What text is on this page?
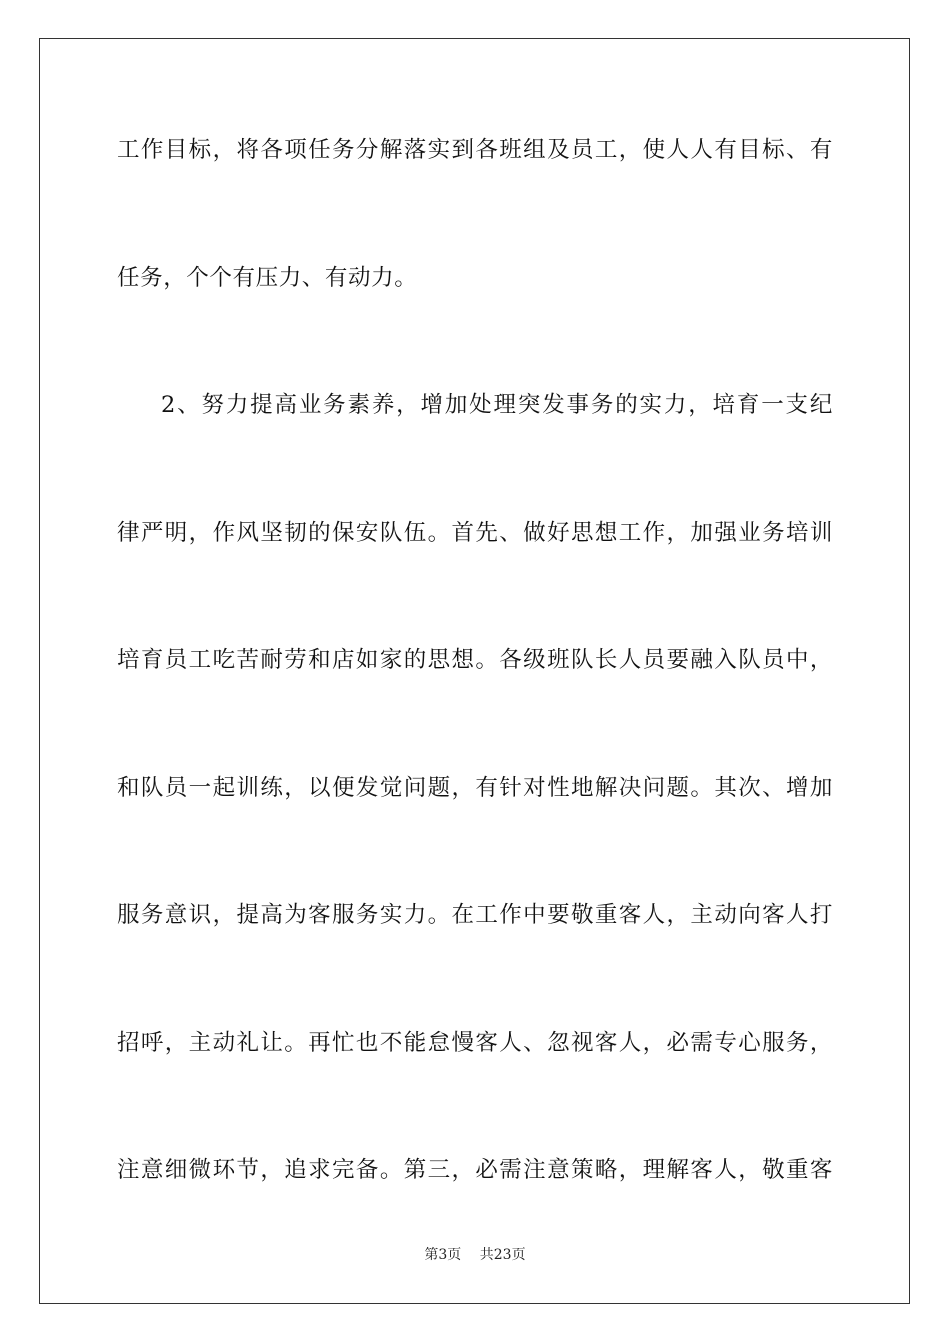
工作目标，将各项任务分解落实到各班组及员工，使人人有目标、有
任务，个个有压力、有动力。
2、努力提高业务素养，增加处理突发事务的实力，培育一支纪
律严明，作风坚韧的保安队伍。首先、做好思想工作，加强业务培训
培育员工吃苦耐劳和店如家的思想。各级班队长人员要融入队员中，
和队员一起训练，以便发觉问题，有针对性地解决问题。其次、增加
服务意识，提高为客服务实力。在工作中要敬重客人，主动向客人打
招呼，主动礼让。再忙也不能怠慢客人、忽视客人，必需专心服务，
注意细微环节，追求完备。第三，必需注意策略，理解客人，敬重客
第3页 共23页
